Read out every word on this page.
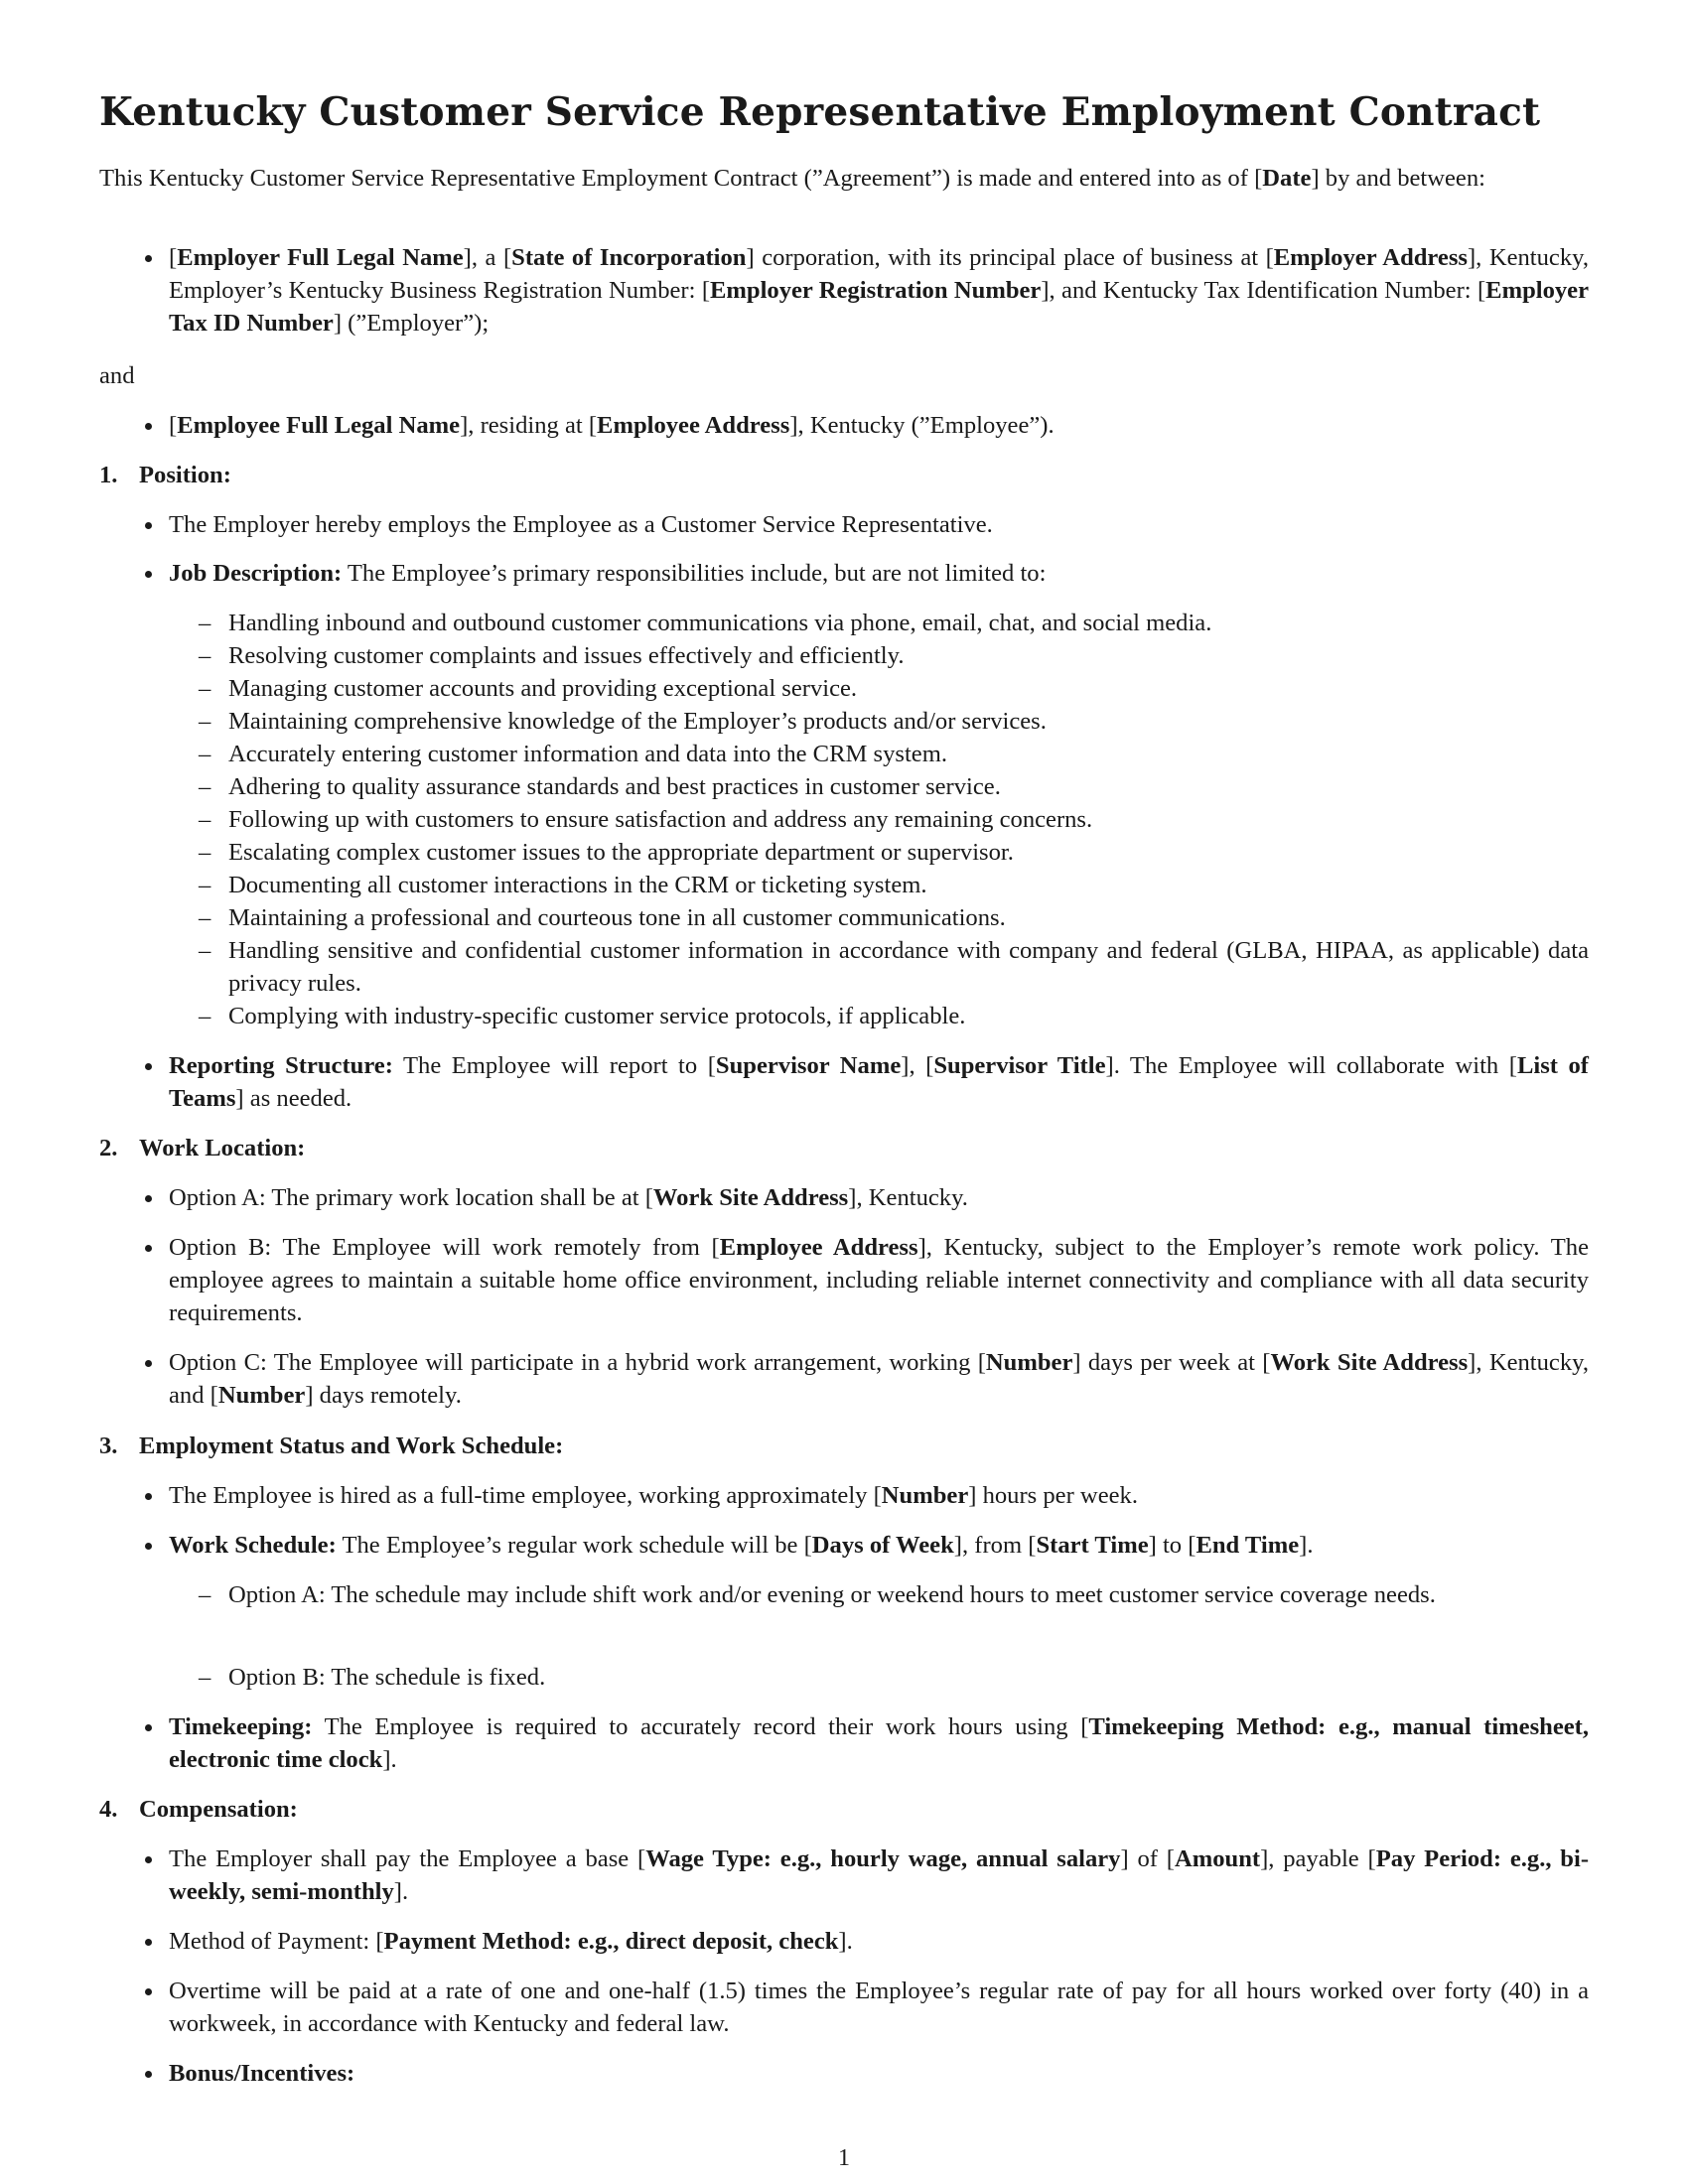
Kentucky Customer Service Representative Employment Contract

This Kentucky Customer Service Representative Employment Contract (”Agreement”) is made and entered into as of [Date] by and between:

[Employer Full Legal Name], a [State of Incorporation] corporation, with its principal place of business at [Employer Address], Kentucky, Employer’s Kentucky Business Registration Number: [Employer Registration Number], and Kentucky Tax Identification Number: [Employer Tax ID Number] (”Employer”);

and

[Employee Full Legal Name], residing at [Employee Address], Kentucky (”Employee”).

1. Position:

The Employer hereby employs the Employee as a Customer Service Representative.

Job Description: The Employee’s primary responsibilities include, but are not limited to:

– Handling inbound and outbound customer communications via phone, email, chat, and social media.

– Resolving customer complaints and issues effectively and efficiently.

– Managing customer accounts and providing exceptional service.

– Maintaining comprehensive knowledge of the Employer’s products and/or services.

– Accurately entering customer information and data into the CRM system.

– Adhering to quality assurance standards and best practices in customer service.

– Following up with customers to ensure satisfaction and address any remaining concerns.

– Escalating complex customer issues to the appropriate department or supervisor.

– Documenting all customer interactions in the CRM or ticketing system.

– Maintaining a professional and courteous tone in all customer communications.

– Handling sensitive and confidential customer information in accordance with company and federal (GLBA, HIPAA, as applicable) data privacy rules.

– Complying with industry-specific customer service protocols, if applicable.

Reporting Structure: The Employee will report to [Supervisor Name], [Supervisor Title]. The Employee will collaborate with [List of Teams] as needed.

2. Work Location:

Option A: The primary work location shall be at [Work Site Address], Kentucky.

Option B: The Employee will work remotely from [Employee Address], Kentucky, subject to the Employer’s remote work policy. The employee agrees to maintain a suitable home office environment, including reliable internet connectivity and compliance with all data security requirements.

Option C: The Employee will participate in a hybrid work arrangement, working [Number] days per week at [Work Site Address], Kentucky, and [Number] days remotely.

3. Employment Status and Work Schedule:

The Employee is hired as a full-time employee, working approximately [Number] hours per week.

Work Schedule: The Employee’s regular work schedule will be [Days of Week], from [Start Time] to [End Time].

– Option A: The schedule may include shift work and/or evening or weekend hours to meet customer service coverage needs.

– Option B: The schedule is fixed.

Timekeeping: The Employee is required to accurately record their work hours using [Timekeeping Method: e.g., manual timesheet, electronic time clock].

4. Compensation:

The Employer shall pay the Employee a base [Wage Type: e.g., hourly wage, annual salary] of [Amount], payable [Pay Period: e.g., bi-weekly, semi-monthly].

Method of Payment: [Payment Method: e.g., direct deposit, check].

Overtime will be paid at a rate of one and one-half (1.5) times the Employee’s regular rate of pay for all hours worked over forty (40) in a workweek, in accordance with Kentucky and federal law.

Bonus/Incentives:

1
